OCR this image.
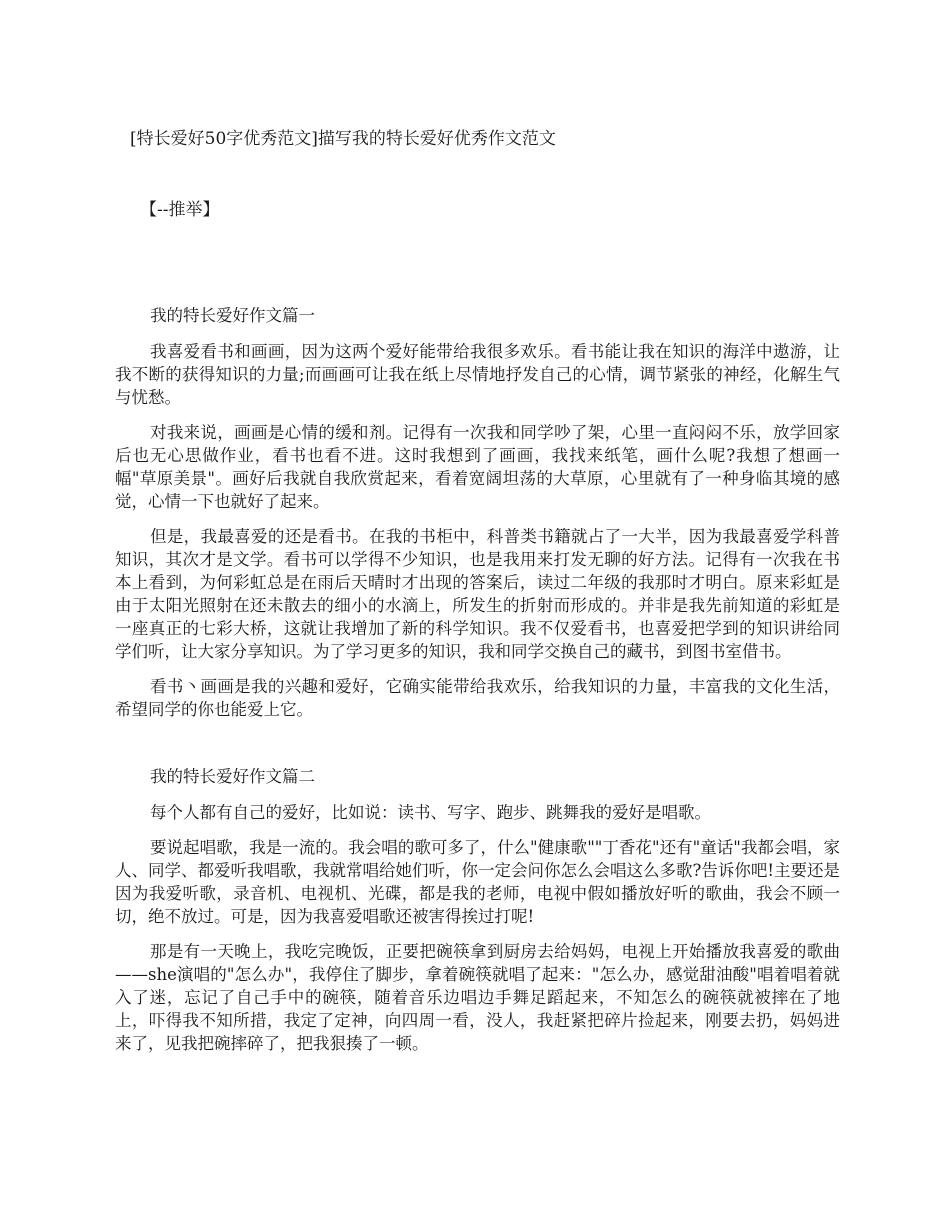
[特长爱好50字优秀范文]描写我的特长爱好优秀作文范文

【--推举】

我的特长爱好作文篇一

我喜爱看书和画画，因为这两个爱好能带给我很多欢乐。看书能让我在知识的海洋中遨游，让我不断的获得知识的力量;而画画可让我在纸上尽情地抒发自己的心情，调节紧张的神经，化解生气与忧愁。

对我来说，画画是心情的缓和剂。记得有一次我和同学吵了架，心里一直闷闷不乐，放学回家后也无心思做作业，看书也看不进。这时我想到了画画，我找来纸笔，画什么呢?我想了想画一幅"草原美景"。画好后我就自我欣赏起来，看着宽阔坦荡的大草原，心里就有了一种身临其境的感觉，心情一下也就好了起来。

但是，我最喜爱的还是看书。在我的书柜中，科普类书籍就占了一大半，因为我最喜爱学科普知识，其次才是文学。看书可以学得不少知识，也是我用来打发无聊的好方法。记得有一次我在书本上看到，为何彩虹总是在雨后天晴时才出现的答案后，读过二年级的我那时才明白。原来彩虹是由于太阳光照射在还未散去的细小的水滴上，所发生的折射而形成的。并非是我先前知道的彩虹是一座真正的七彩大桥，这就让我增加了新的科学知识。我不仅爱看书，也喜爱把学到的知识讲给同学们听，让大家分享知识。为了学习更多的知识，我和同学交换自己的藏书，到图书室借书。

看书丶画画是我的兴趣和爱好，它确实能带给我欢乐，给我知识的力量，丰富我的文化生活，希望同学的你也能爱上它。

我的特长爱好作文篇二

每个人都有自己的爱好，比如说：读书、写字、跑步、跳舞我的爱好是唱歌。

要说起唱歌，我是一流的。我会唱的歌可多了，什么"健康歌""丁香花"还有"童话"我都会唱，家人、同学、都爱听我唱歌，我就常唱给她们听，你一定会问你怎么会唱这么多歌?告诉你吧!主要还是因为我爱听歌，录音机、电视机、光碟，都是我的老师，电视中假如播放好听的歌曲，我会不顾一切，绝不放过。可是，因为我喜爱唱歌还被害得挨过打呢!

那是有一天晚上，我吃完晚饭，正要把碗筷拿到厨房去给妈妈，电视上开始播放我喜爱的歌曲——she演唱的"怎么办"，我停住了脚步，拿着碗筷就唱了起来："怎么办，感觉甜油酸"唱着唱着就入了迷，忘记了自己手中的碗筷，随着音乐边唱边手舞足蹈起来，不知怎么的碗筷就被摔在了地上，吓得我不知所措，我定了定神，向四周一看，没人，我赶紧把碎片捡起来，刚要去扔，妈妈进来了，见我把碗摔碎了，把我狠揍了一顿。
